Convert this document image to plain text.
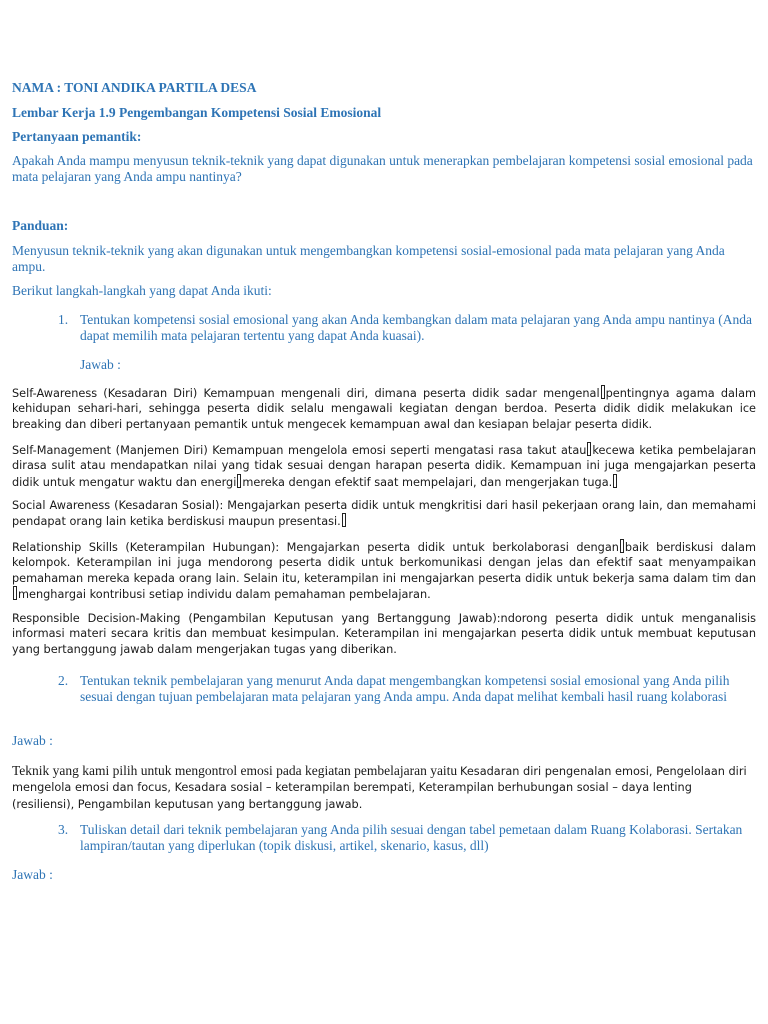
NAMA : TONI ANDIKA PARTILA DESA

Lembar Kerja 1.9 Pengembangan Kompetensi Sosial Emosional

Pertanyaan pemantik:

Apakah Anda mampu menyusun teknik-teknik yang dapat digunakan untuk menerapkan pembelajaran kompetensi sosial emosional pada mata pelajaran yang Anda ampu nantinya?

Panduan:

Menyusun teknik-teknik yang akan digunakan untuk mengembangkan kompetensi sosial-emosional pada mata pelajaran yang Anda ampu.

Berikut langkah-langkah yang dapat Anda ikuti:

1. Tentukan kompetensi sosial emosional yang akan Anda kembangkan dalam mata pelajaran yang Anda ampu nantinya (Anda dapat memilih mata pelajaran tertentu yang dapat Anda kuasai).

Jawab :

Self-Awareness (Kesadaran Diri) Kemampuan mengenali diri, dimana peserta didik sadar mengenal pentingnya agama dalam kehidupan sehari-hari, sehingga peserta didik selalu mengawali kegiatan dengan berdoa. Peserta didik didik melakukan ice breaking dan diberi pertanyaan pemantik untuk mengecek kemampuan awal dan kesiapan belajar peserta didik.

Self-Management (Manjemen Diri) Kemampuan mengelola emosi seperti mengatasi rasa takut atau kecewa ketika pembelajaran dirasa sulit atau mendapatkan nilai yang tidak sesuai dengan harapan peserta didik. Kemampuan ini juga mengajarkan peserta didik untuk mengatur waktu dan energi mereka dengan efektif saat mempelajari, dan mengerjakan tuga.

Social Awareness (Kesadaran Sosial): Mengajarkan peserta didik untuk mengkritisi dari hasil pekerjaan orang lain, dan memahami pendapat orang lain ketika berdiskusi maupun presentasi.

Relationship Skills (Keterampilan Hubungan): Mengajarkan peserta didik untuk berkolaborasi dengan baik berdiskusi dalam kelompok. Keterampilan ini juga mendorong peserta didik untuk berkomunikasi dengan jelas dan efektif saat menyampaikan pemahaman mereka kepada orang lain. Selain itu, keterampilan ini mengajarkan peserta didik untuk bekerja sama dalam tim danmenghargai kontribusi setiap individu dalam pemahaman pembelajaran.

Responsible Decision-Making (Pengambilan Keputusan yang Bertanggung Jawab):ndorong peserta didik untuk menganalisis informasi materi secara kritis dan membuat kesimpulan. Keterampilan ini mengajarkan peserta didik untuk membuat keputusan yang bertanggung jawab dalam mengerjakan tugas yang diberikan.

2. Tentukan teknik pembelajaran yang menurut Anda dapat mengembangkan kompetensi sosial emosional yang Anda pilih sesuai dengan tujuan pembelajaran mata pelajaran yang Anda ampu. Anda dapat melihat kembali hasil ruang kolaborasi

Jawab :

Teknik yang kami pilih untuk mengontrol emosi pada kegiatan pembelajaran yaitu Kesadaran diri pengenalan emosi, Pengelolaan diri mengelola emosi dan focus, Kesadara sosial – keterampilan berempati, Keterampilan berhubungan sosial – daya lenting (resiliensi), Pengambilan keputusan yang bertanggung jawab.

3. Tuliskan detail dari teknik pembelajaran yang Anda pilih sesuai dengan tabel pemetaan dalam Ruang Kolaborasi. Sertakan lampiran/tautan yang diperlukan (topik diskusi, artikel, skenario, kasus, dll)

Jawab :
